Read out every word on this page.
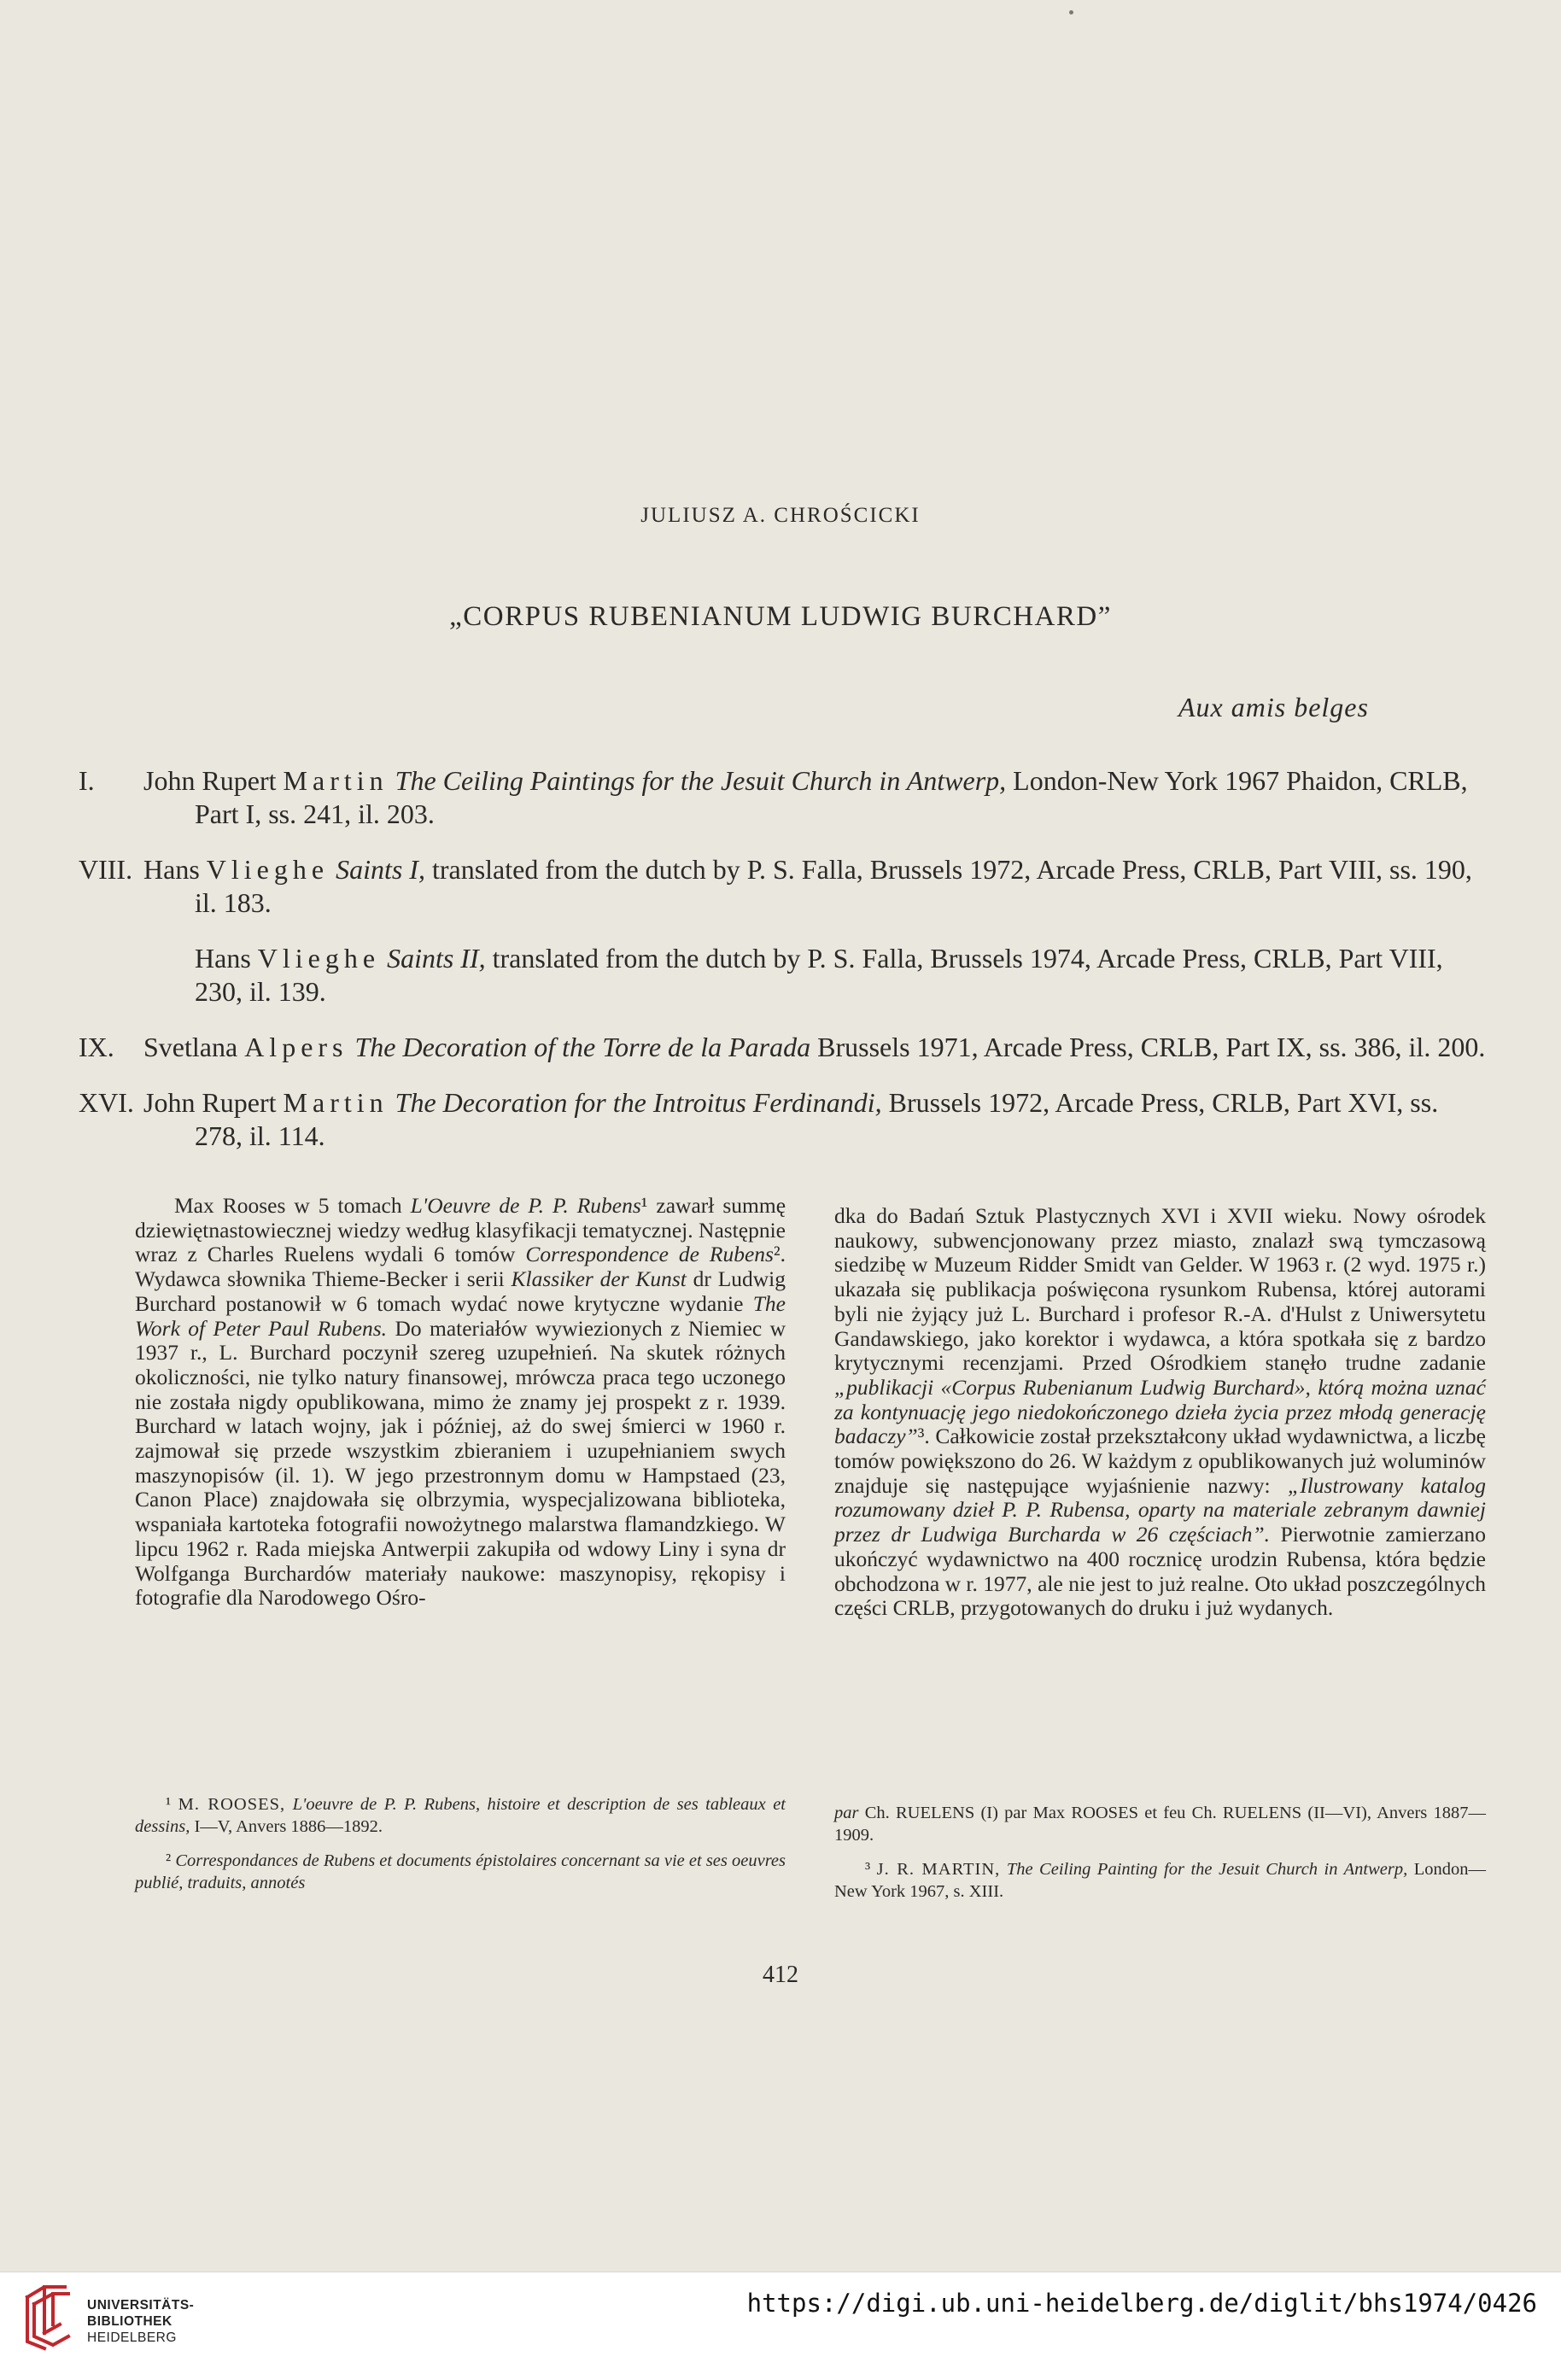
JULIUSZ A. CHROŚCICKI
„CORPUS RUBENIANUM LUDWIG BURCHARD”
Aux amis belges
I. John Rupert Martin The Ceiling Paintings for the Jesuit Church in Antwerp, London-New York 1967 Phaidon, CRLB, Part I, ss. 241, il. 203.
VIII. Hans Vlieghe Saints I, translated from the dutch by P. S. Falla, Brussels 1972, Arcade Press, CRLB, Part VIII, ss. 190, il. 183.
Hans Vlieghe Saints II, translated from the dutch by P. S. Falla, Brussels 1974, Arcade Press, CRLB, Part VIII, 230, il. 139.
IX. Svetlana Alpers The Decoration of the Torre de la Parada Brussels 1971, Arcade Press, CRLB, Part IX, ss. 386, il. 200.
XVI. John Rupert Martin The Decoration for the Introitus Ferdinandi, Brussels 1972, Arcade Press, CRLB, Part XVI, ss. 278, il. 114.

Max Rooses w 5 tomach L'Oeuvre de P. P. Rubens¹ zawarł summę dziewiętnastowiecznej wiedzy według klasyfikacji tematycznej. Następnie wraz z Charles Ruelens wydali 6 tomów Correspondence de Rubens². Wydawca słownika Thieme-Becker i serii Klassiker der Kunst dr Ludwig Burchard postanowił w 6 tomach wydać nowe krytyczne wydanie The Work of Peter Paul Rubens. Do materiałów wywiezionych z Niemiec w 1937 r., L. Burchard poczynił szereg uzupełnień. Na skutek różnych okoliczności, nie tylko natury finansowej, mrówcza praca tego uczonego nie została nigdy opublikowana, mimo że znamy jej prospekt z r. 1939. Burchard w latach wojny, jak i później, aż do swej śmierci w 1960 r. zajmował się przede wszystkim zbieraniem i uzupełnianiem swych maszynopisów (il. 1). W jego przestronnym domu w Hampstaed (23, Canon Place) znajdowała się olbrzymia, wyspecjalizowana biblioteka, wspaniała kartoteka fotografii nowożytnego malarstwa flamandzkiego. W lipcu 1962 r. Rada miejska Antwerpii zakupiła od wdowy Liny i syna dr Wolfganga Burchardów materiały naukowe: maszynopisy, rękopisy i fotografie dla Narodowego Ośro-

dka do Badań Sztuk Plastycznych XVI i XVII wieku. Nowy ośrodek naukowy, subwencjonowany przez miasto, znalazł swą tymczasową siedzibę w Muzeum Ridder Smidt van Gelder. W 1963 r. (2 wyd. 1975 r.) ukazała się publikacja poświęcona rysunkom Rubensa, której autorami byli nie żyjący już L. Burchard i profesor R.-A. d'Hulst z Uniwersytetu Gandawskiego, jako korektor i wydawca, a która spotkała się z bardzo krytycznymi recenzjami. Przed Ośrodkiem stanęło trudne zadanie „publikacji «Corpus Rubenianum Ludwig Burchard», którą można uznać za kontynuację jego niedokończonego dzieła życia przez młodą generację badaczy”³. Całkowicie został przekształcony układ wydawnictwa, a liczbę tomów powiększono do 26. W każdym z opublikowanych już woluminów znajduje się następujące wyjaśnienie nazwy: „Ilustrowany katalog rozumowany dzieł P. P. Rubensa, oparty na materiale zebranym dawniej przez dr Ludwiga Burcharda w 26 częściach”. Pierwotnie zamierzano ukończyć wydawnictwo na 400 rocznicę urodzin Rubensa, która będzie obchodzona w r. 1977, ale nie jest to już realne. Oto układ poszczególnych części CRLB, przygotowanych do druku i już wydanych.

¹ M. ROOSES, L'oeuvre de P. P. Rubens, histoire et description de ses tableaux et dessins, I—V, Anvers 1886—1892.

² Correspondances de Rubens et documents épistolaires concernant sa vie et ses oeuvres publié, traduits, annotés

par Ch. RUELENS (I) par Max ROOSES et feu Ch. RUELENS (II—VI), Anvers 1887—1909.

³ J. R. MARTIN, The Ceiling Painting for the Jesuit Church in Antwerp, London—New York 1967, s. XIII.

412
UNIVERSITÄTS-
BIBLIOTHEK
HEIDELBERG
https://digi.ub.uni-heidelberg.de/diglit/bhs1974/0426
